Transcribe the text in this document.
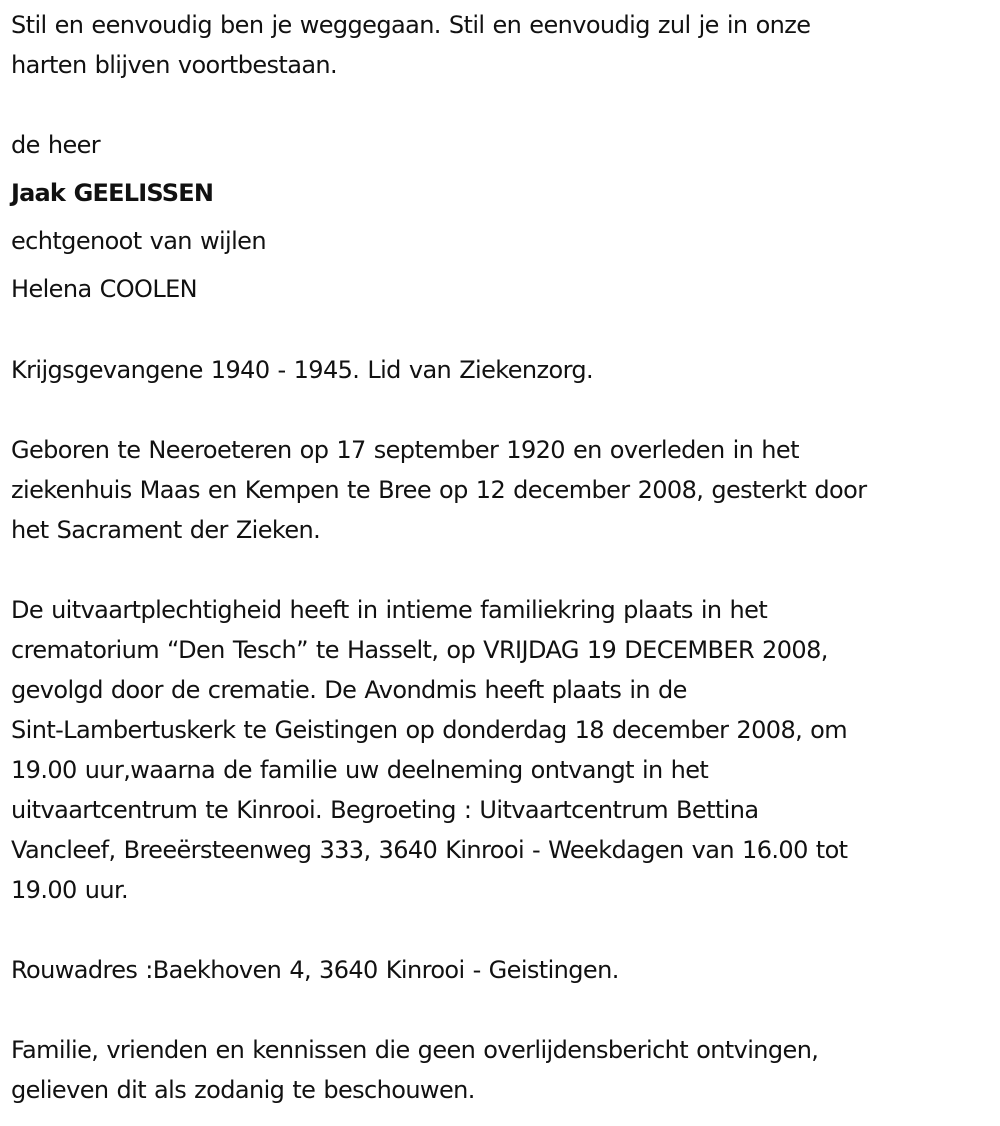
Stil en eenvoudig ben je weggegaan. Stil en eenvoudig zul je in onze
harten blijven voortbestaan.
de heer
Jaak GEELISSEN
echtgenoot van wijlen
Helena COOLEN
Krijgsgevangene 1940 - 1945. Lid van Ziekenzorg.
Geboren te Neeroeteren op 17 september 1920 en overleden in het
ziekenhuis Maas en Kempen te Bree op 12 december 2008, gesterkt door
het Sacrament der Zieken.
De uitvaartplechtigheid heeft in intieme familiekring plaats in het
crematorium “Den Tesch” te Hasselt, op VRIJDAG 19 DECEMBER 2008,
gevolgd door de crematie. De Avondmis heeft plaats in de
Sint-Lambertuskerk te Geistingen op donderdag 18 december 2008, om
19.00 uur,waarna de familie uw deelneming ontvangt in het
uitvaartcentrum te Kinrooi. Begroeting : Uitvaartcentrum Bettina
Vancleef, Breeërsteenweg 333, 3640 Kinrooi - Weekdagen van 16.00 tot
19.00 uur.
Rouwadres :Baekhoven 4, 3640 Kinrooi - Geistingen.
Familie, vrienden en kennissen die geen overlijdensbericht ontvingen,
gelieven dit als zodanig te beschouwen.
